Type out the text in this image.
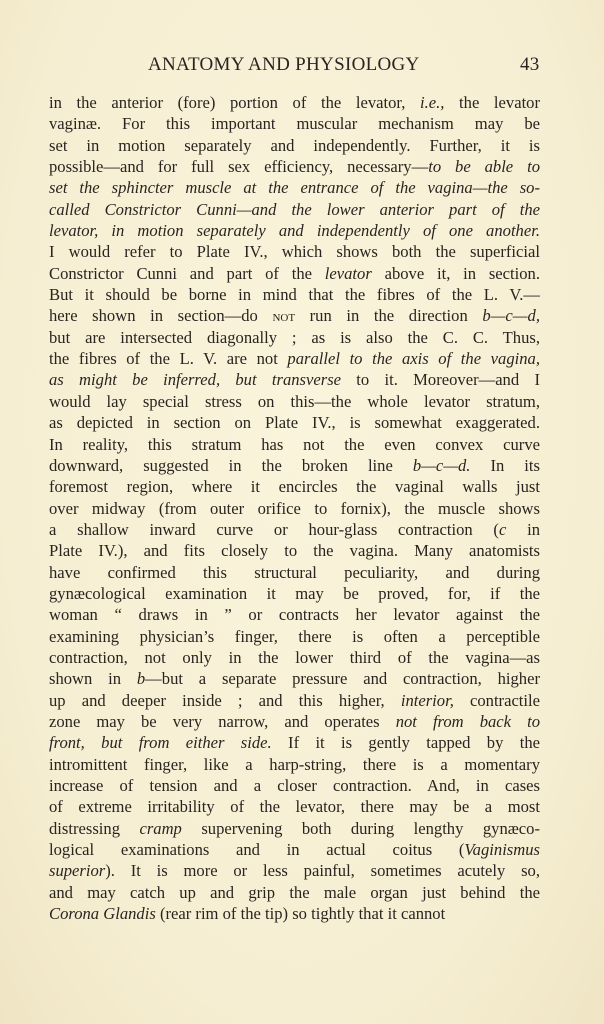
ANATOMY AND PHYSIOLOGY	43
in the anterior (fore) portion of the levator, i.e., the levator
vaginæ. For this important muscular mechanism may be
set in motion separately and independently. Further, it is
possible—and for full sex efficiency, necessary—to be able to
set the sphincter muscle at the entrance of the vagina—the so-
called Constrictor Cunni—and the lower anterior part of the
levator, in motion separately and independently of one another.
I would refer to Plate IV., which shows both the superficial
Constrictor Cunni and part of the levator above it, in section.
But it should be borne in mind that the fibres of the L. V.—
here shown in section—do not run in the direction b—c—d,
but are intersected diagonally ; as is also the C. C. Thus,
the fibres of the L. V. are not parallel to the axis of the vagina,
as might be inferred, but transverse to it. Moreover—and I
would lay special stress on this—the whole levator stratum,
as depicted in section on Plate IV., is somewhat exaggerated.
In reality, this stratum has not the even convex curve
downward, suggested in the broken line b—c—d. In its
foremost region, where it encircles the vaginal walls just
over midway (from outer orifice to fornix), the muscle shows
a shallow inward curve or hour-glass contraction (c in
Plate IV.), and fits closely to the vagina. Many anatomists
have confirmed this structural peculiarity, and during
gynæcological examination it may be proved, for, if the
woman “ draws in ” or contracts her levator against the
examining physician’s finger, there is often a perceptible
contraction, not only in the lower third of the vagina—as
shown in b—but a separate pressure and contraction, higher
up and deeper inside ; and this higher, interior, contractile
zone may be very narrow, and operates not from back to
front, but from either side. If it is gently tapped by the
intromittent finger, like a harp-string, there is a momentary
increase of tension and a closer contraction. And, in cases
of extreme irritability of the levator, there may be a most
distressing cramp supervening both during lengthy gynæco-
logical examinations and in actual coitus (Vaginismus
superior). It is more or less painful, sometimes acutely so,
and may catch up and grip the male organ just behind the
Corona Glandis (rear rim of the tip) so tightly that it cannot
